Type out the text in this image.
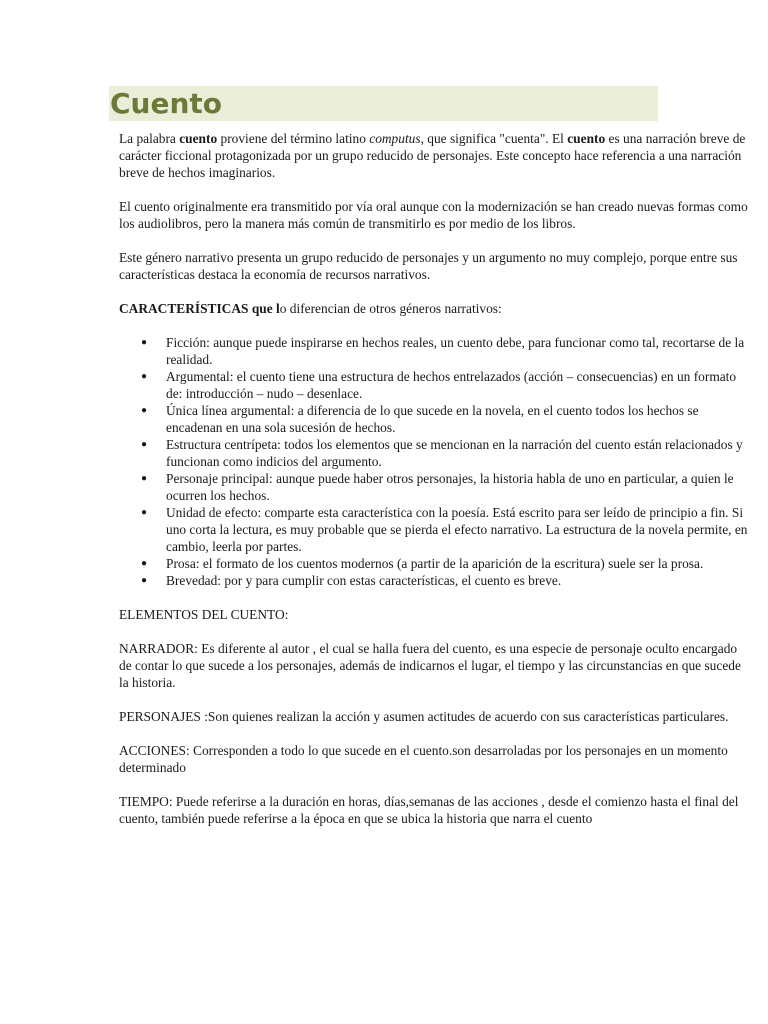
Cuento

La palabra cuento proviene del término latino computus, que significa "cuenta". El cuento es una narración breve de carácter ficcional protagonizada por un grupo reducido de personajes. Este concepto hace referencia a una narración breve de hechos imaginarios.

El cuento originalmente era transmitido por vía oral aunque con la modernización se han creado nuevas formas como los audiolibros, pero la manera más común de transmitirlo es por medio de los libros.

Este género narrativo presenta un grupo reducido de personajes y un argumento no muy complejo, porque entre sus características destaca la economía de recursos narrativos.

CARACTERÍSTICAS que lo diferencian de otros géneros narrativos:

● Ficción: aunque puede inspirarse en hechos reales, un cuento debe, para funcionar como tal, recortarse de la realidad.
● Argumental: el cuento tiene una estructura de hechos entrelazados (acción – consecuencias) en un formato de: introducción – nudo – desenlace.
● Única línea argumental: a diferencia de lo que sucede en la novela, en el cuento todos los hechos se encadenan en una sola sucesión de hechos.
● Estructura centrípeta: todos los elementos que se mencionan en la narración del cuento están relacionados y funcionan como indicios del argumento.
● Personaje principal: aunque puede haber otros personajes, la historia habla de uno en particular, a quien le ocurren los hechos.
● Unidad de efecto: comparte esta característica con la poesía. Está escrito para ser leído de principio a fin. Si uno corta la lectura, es muy probable que se pierda el efecto narrativo. La estructura de la novela permite, en cambio, leerla por partes.
● Prosa: el formato de los cuentos modernos (a partir de la aparición de la escritura) suele ser la prosa.
● Brevedad: por y para cumplir con estas características, el cuento es breve.

ELEMENTOS DEL CUENTO:

NARRADOR: Es diferente al autor , el cual se halla fuera del cuento, es una especie de personaje oculto encargado de contar lo que sucede a los personajes, además de indicarnos el lugar, el tiempo y las circunstancias en que sucede la historia.

PERSONAJES :Son quienes realizan la acción y asumen actitudes de acuerdo con sus características particulares.

ACCIONES: Corresponden a todo lo que sucede en el cuento.son desarroladas por los personajes en un momento determinado

TIEMPO: Puede referirse a la duración en horas, días,semanas de las acciones , desde el comienzo hasta el final del cuento, también puede referirse a la época en que se ubica la historia que narra el cuento
